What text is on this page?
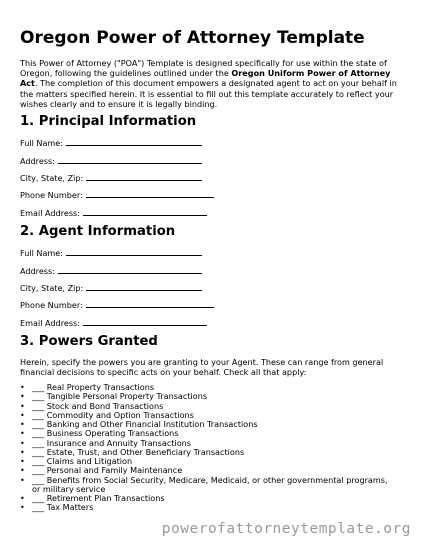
Oregon Power of Attorney Template
This Power of Attorney ("POA") Template is designed specifically for use within the state of Oregon, following the guidelines outlined under the Oregon Uniform Power of Attorney Act. The completion of this document empowers a designated agent to act on your behalf in the matters specified herein. It is essential to fill out this template accurately to reflect your wishes clearly and to ensure it is legally binding.
1. Principal Information
Full Name:
Address:
City, State, Zip:
Phone Number:
Email Address:
2. Agent Information
Full Name:
Address:
City, State, Zip:
Phone Number:
Email Address:
3. Powers Granted
Herein, specify the powers you are granting to your Agent. These can range from general financial decisions to specific acts on your behalf. Check all that apply:
• ___ Real Property Transactions
• ___ Tangible Personal Property Transactions
• ___ Stock and Bond Transactions
• ___ Commodity and Option Transactions
• ___ Banking and Other Financial Institution Transactions
• ___ Business Operating Transactions
• ___ Insurance and Annuity Transactions
• ___ Estate, Trust, and Other Beneficiary Transactions
• ___ Claims and Litigation
• ___ Personal and Family Maintenance
• ___ Benefits from Social Security, Medicare, Medicaid, or other governmental programs, or military service
• ___ Retirement Plan Transactions
• ___ Tax Matters
powerofattorneytemplate.org
